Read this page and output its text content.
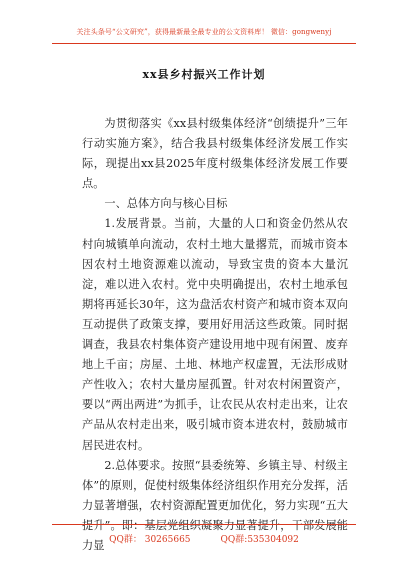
关注头条号“公文研究”，获得最新最全最专业的公文资料库！ 微信：gongwenyj
xx县乡村振兴工作计划

为贯彻落实《xx县村级集体经济“创绩提升”三年行动实施方案》，结合我县村级集体经济发展工作实际，现提出xx县2025年度村级集体经济发展工作要点。

一、总体方向与核心目标

1.发展背景。当前，大量的人口和资金仍然从农村向城镇单向流动，农村土地大量撂荒，而城市资本因农村土地资源难以流动，导致宝贵的资本大量沉淀，难以进入农村。党中央明确提出，农村土地承包期将再延长30年，这为盘活农村资产和城市资本双向互动提供了政策支撑，要用好用活这些政策。同时据调查，我县农村集体资产建设用地中现有闲置、废弃地上千亩；房屋、土地、林地产权虚置，无法形成财产性收入；农村大量房屋孤置。针对农村闲置资产，要以“两出两进”为抓手，让农民从农村走出来，让农产品从农村走出来，吸引城市资本进农村，鼓励城市居民进农村。

2.总体要求。按照“县委统筹、乡镇主导、村级主体”的原则，促使村级集体经济组织作用充分发挥，活力显著增强，农村资源配置更加优化，努力实现“五大提升”。即：基层党组织凝聚力显著提升，干部发展能力显 QQ群： 30265665	QQ群:535304092
